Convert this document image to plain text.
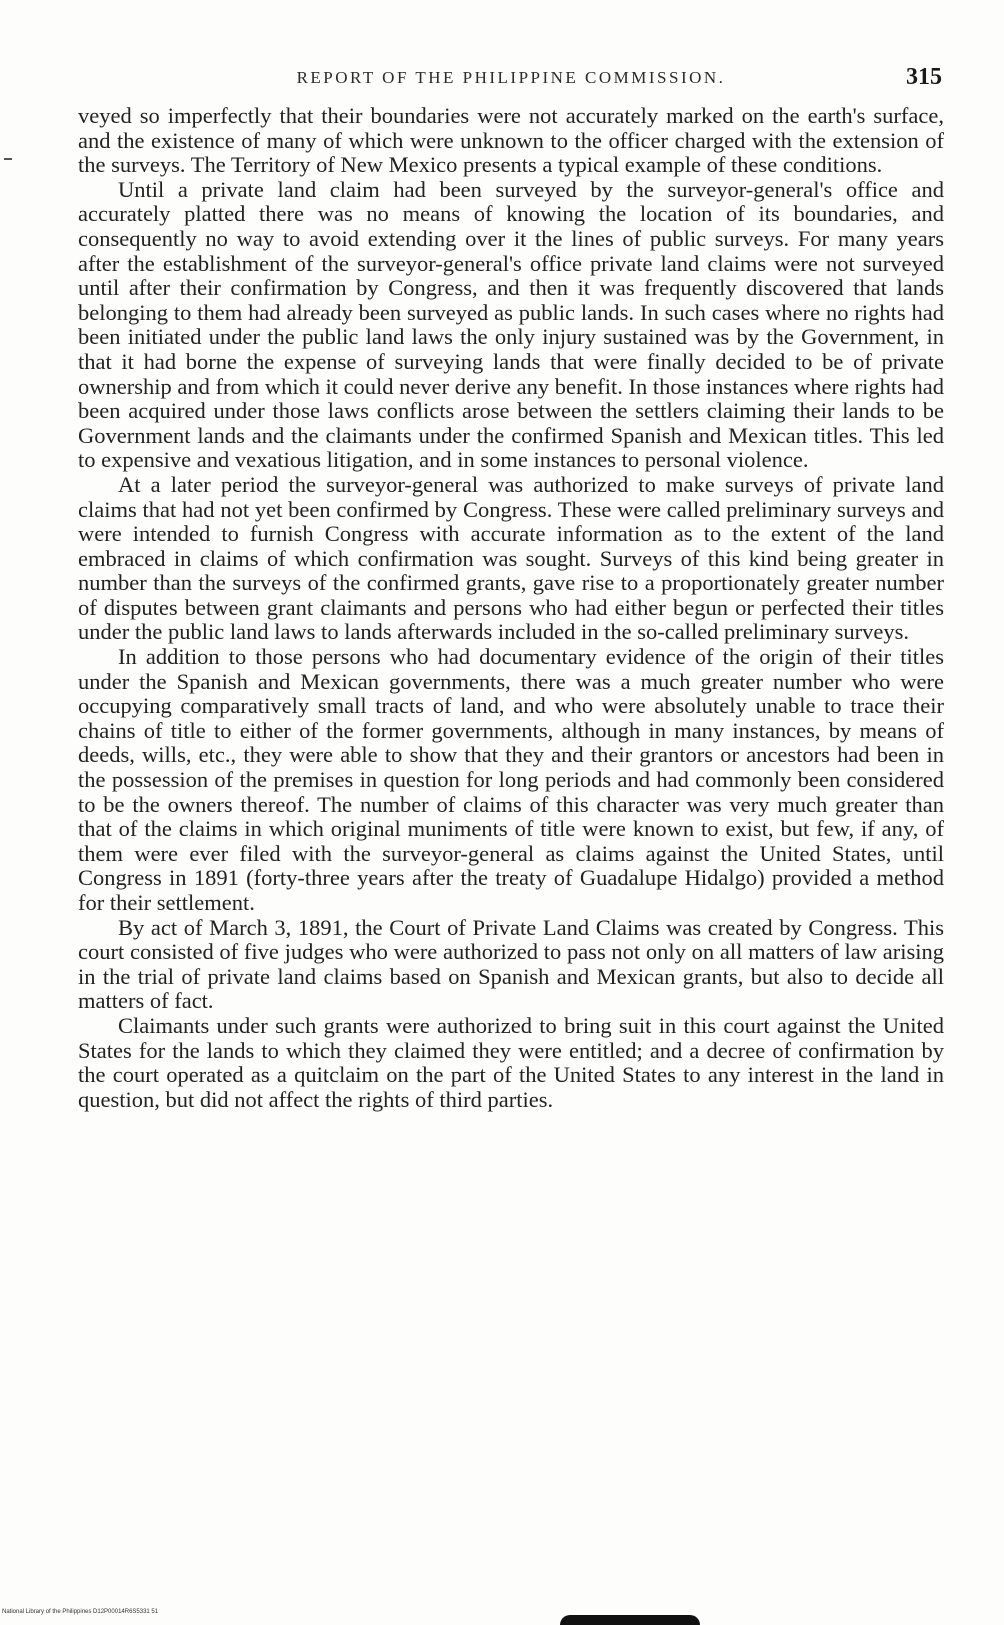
REPORT OF THE PHILIPPINE COMMISSION.	315

veyed so imperfectly that their boundaries were not accurately marked on the earth's surface, and the existence of many of which were unknown to the officer charged with the extension of the surveys. The Territory of New Mexico presents a typical example of these conditions.

Until a private land claim had been surveyed by the surveyor-general's office and accurately platted there was no means of knowing the location of its boundaries, and consequently no way to avoid extending over it the lines of public surveys. For many years after the establishment of the surveyor-general's office private land claims were not surveyed until after their confirmation by Congress, and then it was frequently discovered that lands belonging to them had already been surveyed as public lands. In such cases where no rights had been initiated under the public land laws the only injury sustained was by the Government, in that it had borne the expense of surveying lands that were finally decided to be of private ownership and from which it could never derive any benefit. In those instances where rights had been acquired under those laws conflicts arose between the settlers claiming their lands to be Government lands and the claimants under the confirmed Spanish and Mexican titles. This led to expensive and vexatious litigation, and in some instances to personal violence.

At a later period the surveyor-general was authorized to make surveys of private land claims that had not yet been confirmed by Congress. These were called preliminary surveys and were intended to furnish Congress with accurate information as to the extent of the land embraced in claims of which confirmation was sought. Surveys of this kind being greater in number than the surveys of the confirmed grants, gave rise to a proportionately greater number of disputes between grant claimants and persons who had either begun or perfected their titles under the public land laws to lands afterwards included in the so-called preliminary surveys.

In addition to those persons who had documentary evidence of the origin of their titles under the Spanish and Mexican governments, there was a much greater number who were occupying comparatively small tracts of land, and who were absolutely unable to trace their chains of title to either of the former governments, although in many instances, by means of deeds, wills, etc., they were able to show that they and their grantors or ancestors had been in the possession of the premises in question for long periods and had commonly been considered to be the owners thereof. The number of claims of this character was very much greater than that of the claims in which original muniments of title were known to exist, but few, if any, of them were ever filed with the surveyor-general as claims against the United States, until Congress in 1891 (forty-three years after the treaty of Guadalupe Hidalgo) provided a method for their settlement.

By act of March 3, 1891, the Court of Private Land Claims was created by Congress. This court consisted of five judges who were authorized to pass not only on all matters of law arising in the trial of private land claims based on Spanish and Mexican grants, but also to decide all matters of fact.

Claimants under such grants were authorized to bring suit in this court against the United States for the lands to which they claimed they were entitled; and a decree of confirmation by the court operated as a quitclaim on the part of the United States to any interest in the land in question, but did not affect the rights of third parties.

National Library of the Philippines D12P00014R6S5331 51
